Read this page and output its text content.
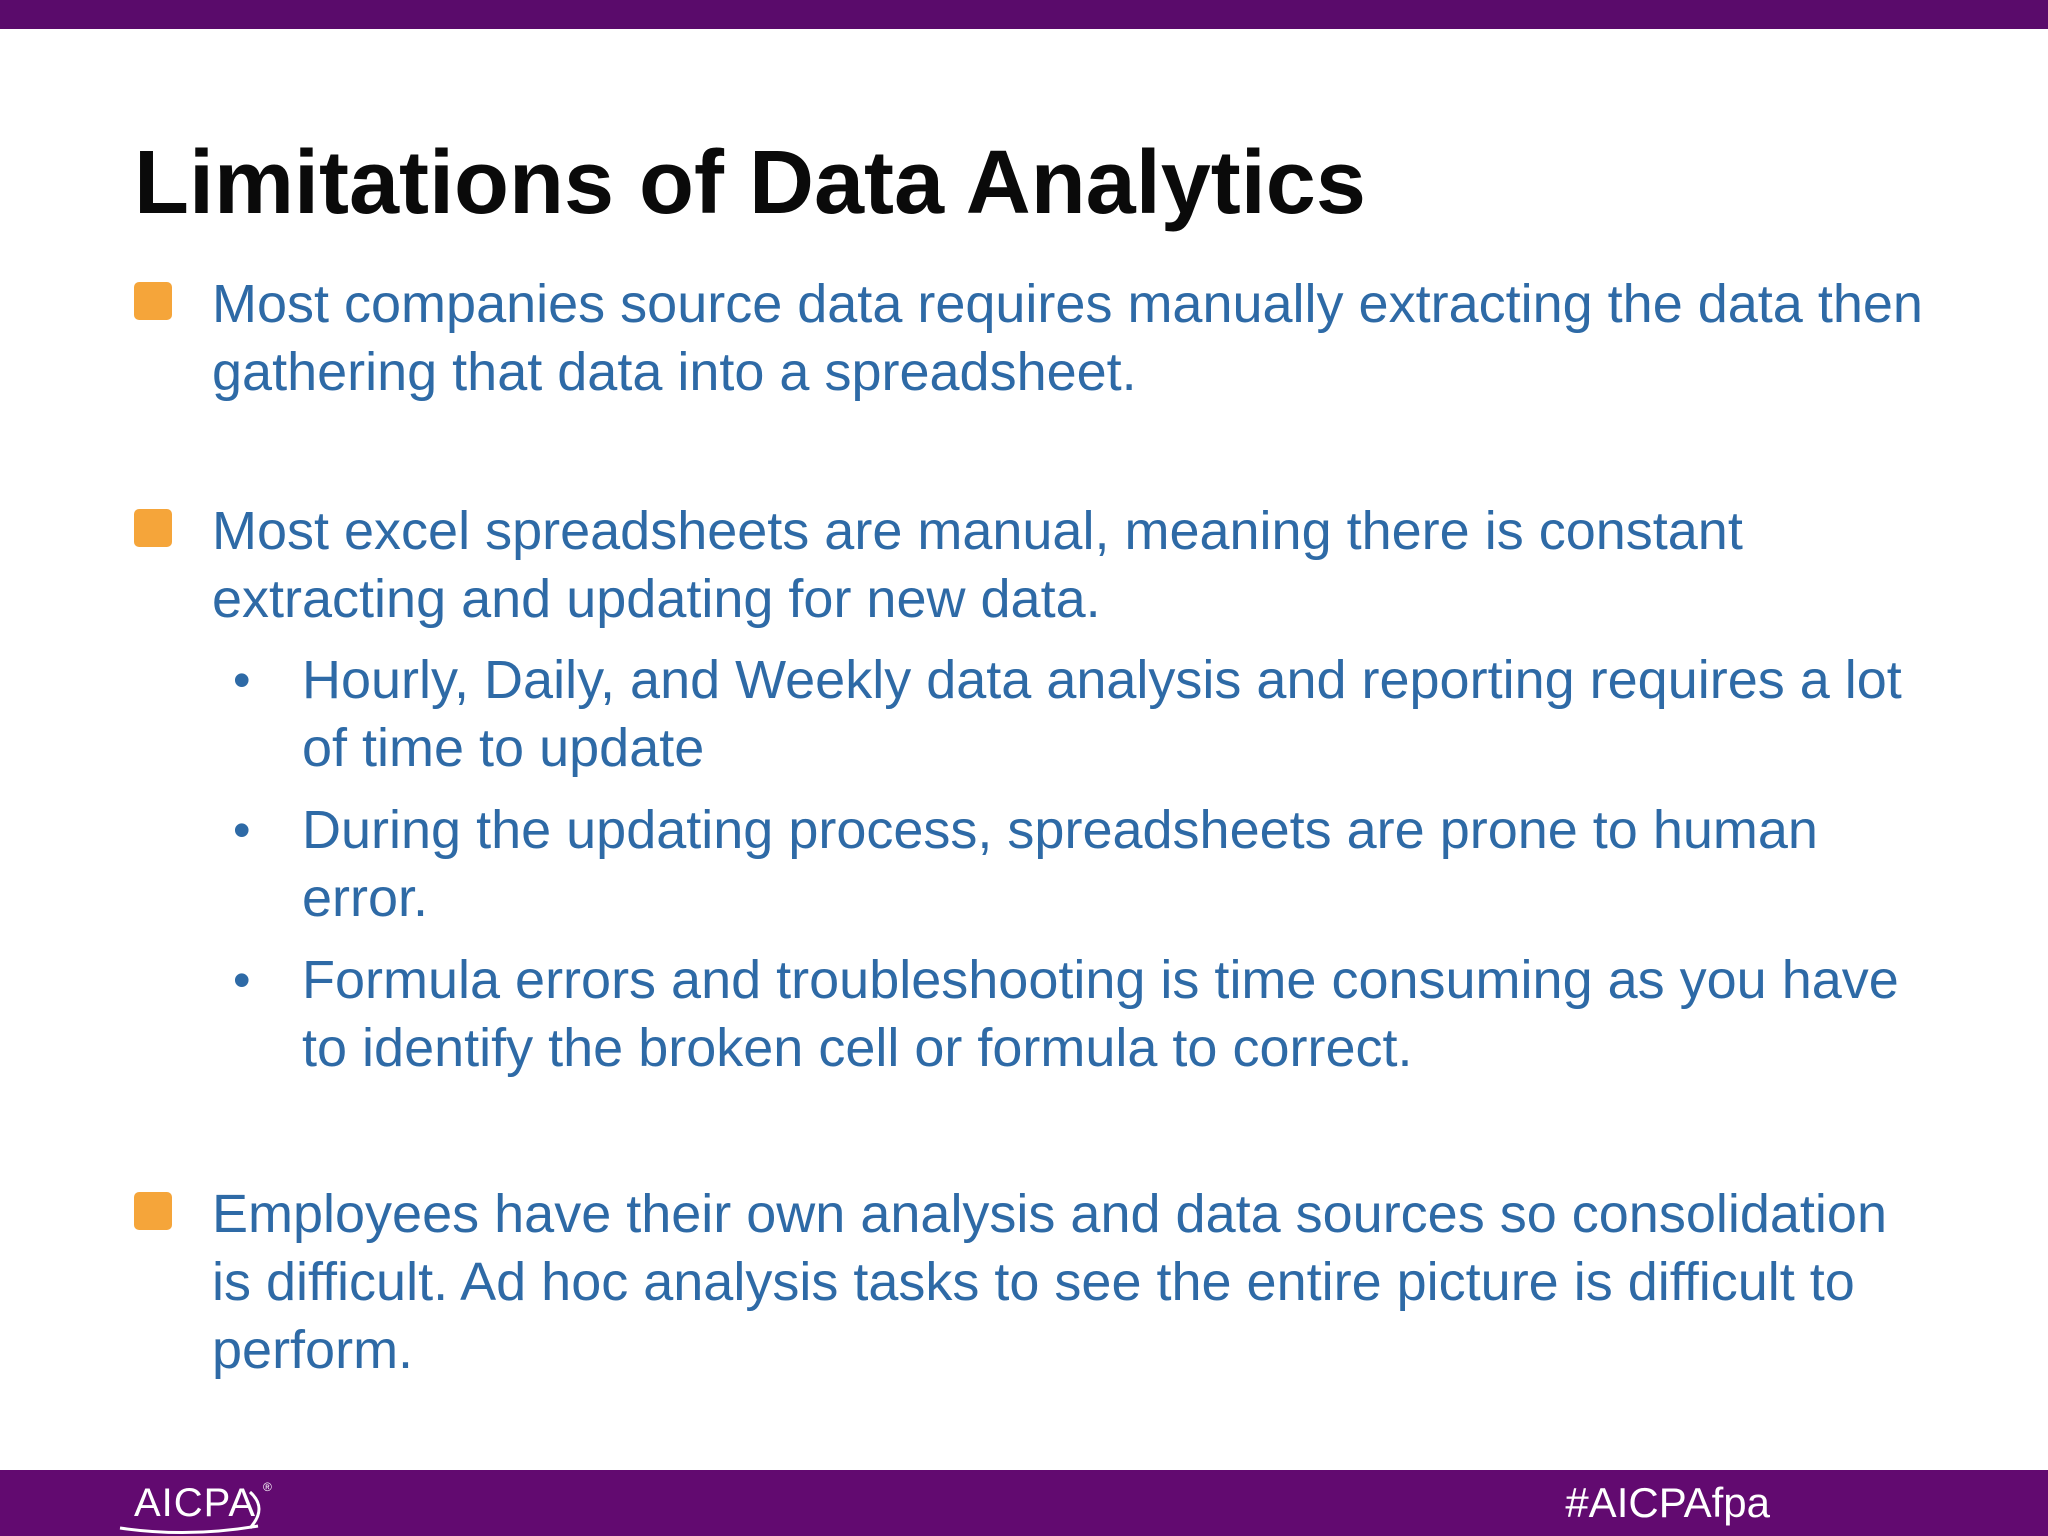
Limitations of Data Analytics
Most companies source data requires manually extracting the data then gathering that data into a spreadsheet.
Most excel spreadsheets are manual, meaning there is constant extracting and updating for new data.
• Hourly, Daily, and Weekly data analysis and reporting requires a lot of time to update
• During the updating process, spreadsheets are prone to human error.
• Formula errors and troubleshooting is time consuming as you have to identify the broken cell or formula to correct.
Employees have their own analysis and data sources so consolidation is difficult. Ad hoc analysis tasks to see the entire picture is difficult to perform.
AICPA ®	#AICPAfpa
